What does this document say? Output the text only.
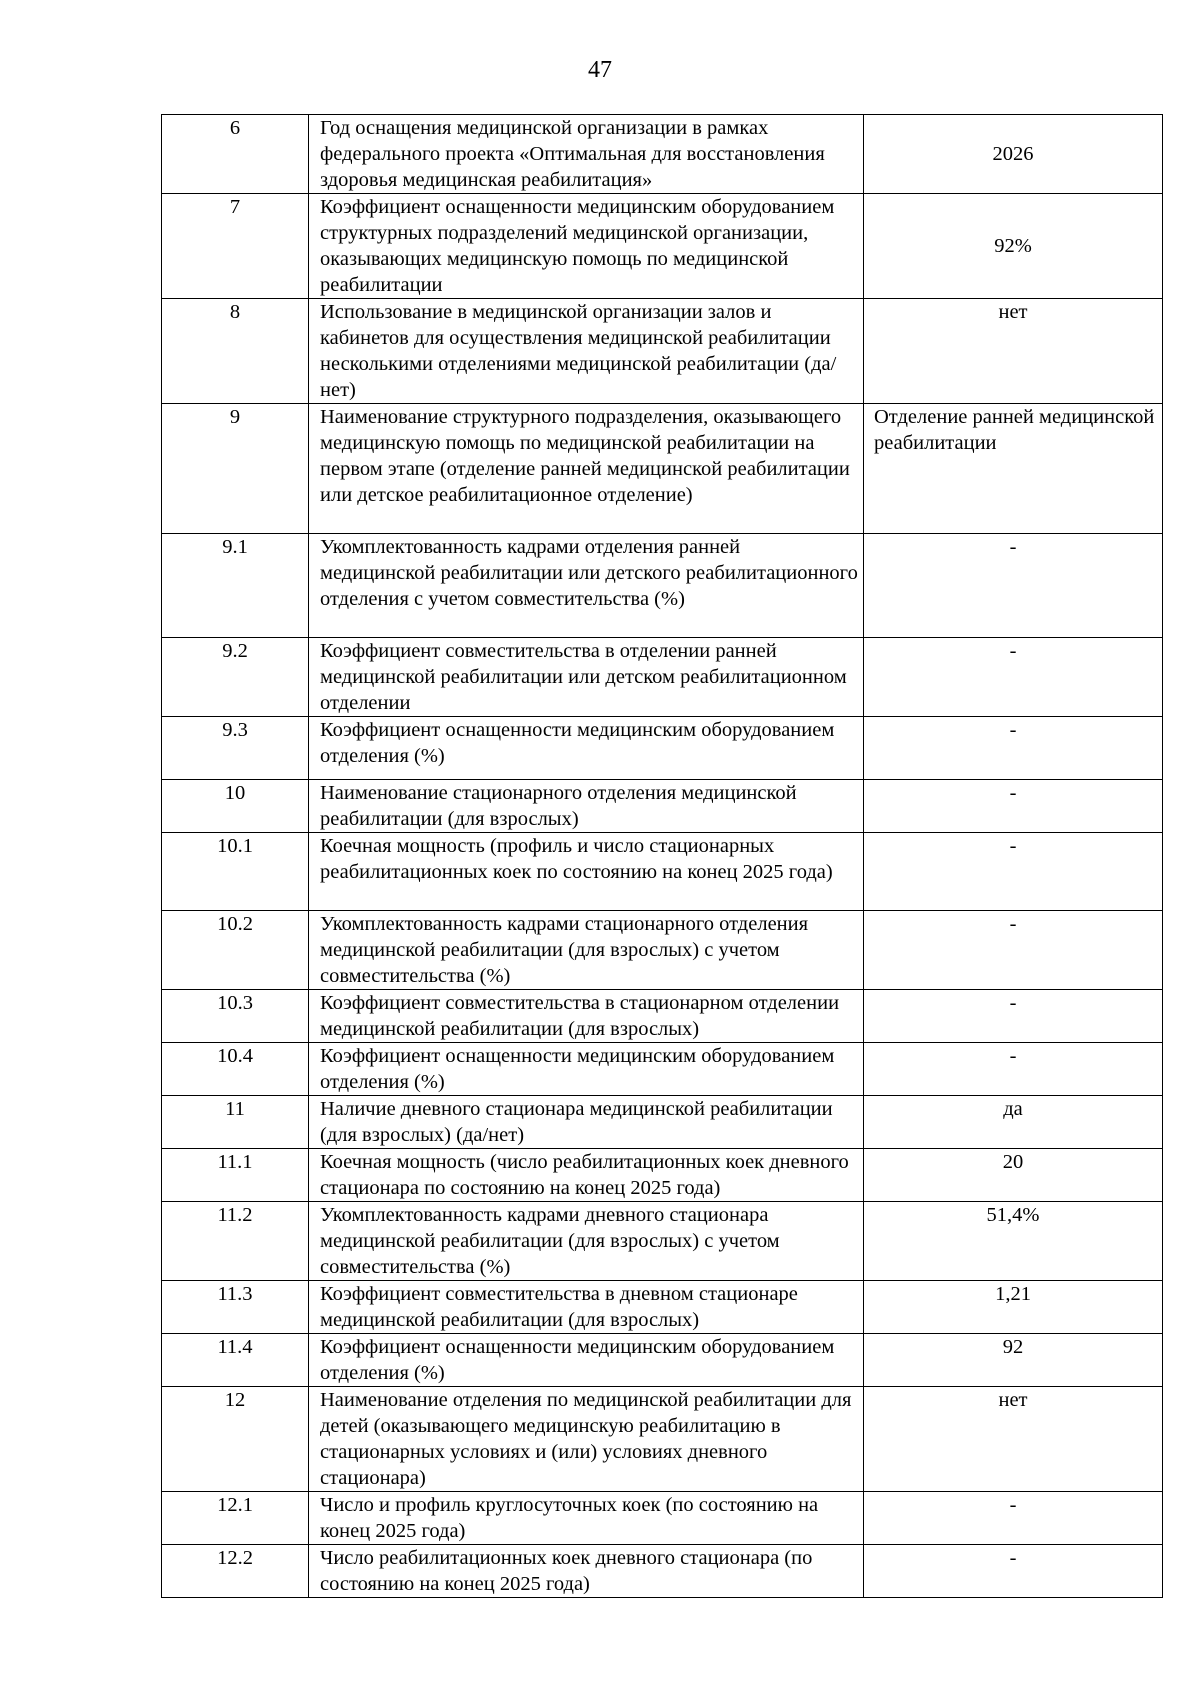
47
6	Год оснащения медицинской организации в рамках федерального проекта «Оптимальная для восстановления здоровья медицинская реабилитация»	2026
7	Коэффициент оснащенности медицинским оборудованием структурных подразделений медицинской организации, оказывающих медицинскую помощь по медицинской реабилитации	92%
8	Использование в медицинской организации залов и кабинетов для осуществления медицинской реабилитации несколькими отделениями медицинской реабилитации (да/нет)	нет
9	Наименование структурного подразделения, оказывающего медицинскую помощь по медицинской реабилитации на первом этапе (отделение ранней медицинской реабилитации или детское реабилитационное отделение)	Отделение ранней медицинской реабилитации
9.1	Укомплектованность кадрами отделения ранней медицинской реабилитации или детского реабилитационного отделения с учетом совместительства (%)	-
9.2	Коэффициент совместительства в отделении ранней медицинской реабилитации или детском реабилитационном отделении	-
9.3	Коэффициент оснащенности медицинским оборудованием отделения (%)	-
10	Наименование стационарного отделения медицинской реабилитации (для взрослых)	-
10.1	Коечная мощность (профиль и число стационарных реабилитационных коек по состоянию на конец 2025 года)	-
10.2	Укомплектованность кадрами стационарного отделения медицинской реабилитации (для взрослых) с учетом совместительства (%)	-
10.3	Коэффициент совместительства в стационарном отделении медицинской реабилитации (для взрослых)	-
10.4	Коэффициент оснащенности медицинским оборудованием отделения (%)	-
11	Наличие дневного стационара медицинской реабилитации (для взрослых) (да/нет)	да
11.1	Коечная мощность (число реабилитационных коек дневного стационара по состоянию на конец 2025 года)	20
11.2	Укомплектованность кадрами дневного стационара медицинской реабилитации (для взрослых) с учетом совместительства (%)	51,4%
11.3	Коэффициент совместительства в дневном стационаре медицинской реабилитации (для взрослых)	1,21
11.4	Коэффициент оснащенности медицинским оборудованием отделения (%)	92
12	Наименование отделения по медицинской реабилитации для детей (оказывающего медицинскую реабилитацию в стационарных условиях и (или) условиях дневного стационара)	нет
12.1	Число и профиль круглосуточных коек (по состоянию на конец 2025 года)	-
12.2	Число реабилитационных коек дневного стационара (по состоянию на конец 2025 года)	-
